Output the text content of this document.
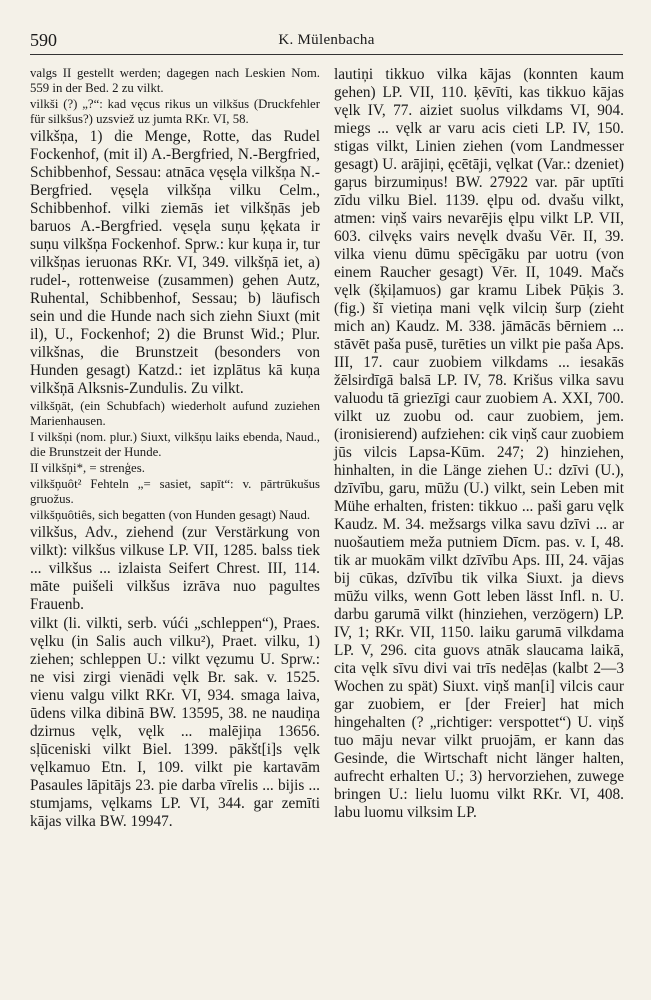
590	K. Mülenbacha

valgs II gestellt werden; dagegen nach Leskien Nom. 559 in der Bed. 2 zu vilkt.

vilkši (?) „?“: kad vęcus rikus un vilkšus (Druckfehler für silkšus?) uzsviež uz jumta RKr. VI, 58.

vilkšņa, 1) die Menge, Rotte, das Rudel Fockenhof, (mit il) A.-Bergfried, N.-Bergfried, Schibbenhof, Sessau: atnāca vęsęla vilkšņa N.-Bergfried. vęsęla vilkšņa vilku Celm., Schibbenhof. vilki ziemās iet vilkšņās jeb baruos A.-Bergfried. vęsęla suņu ķękata ir suņu vilkšņa Fockenhof. Sprw.: kur kuņa ir, tur vilkšņas ieruonas RKr. VI, 349. vilkšņā iet, a) rudel-, rottenweise (zusammen) gehen Autz, Ruhental, Schibbenhof, Sessau; b) läufisch sein und die Hunde nach sich ziehn Siuxt (mit il), U., Fockenhof; 2) die Brunst Wid.; Plur. vilkšnas, die Brunstzeit (besonders von Hunden gesagt) Katzd.: iet izplātus kā kuņa vilkšņā Alksnis-Zundulis. Zu vilkt.

vilkšņāt, (ein Schubfach) wiederholt aufund zuziehen Marienhausen.

I vilkšņi (nom. plur.) Siuxt, vilkšņu laiks ebenda, Naud., die Brunstzeit der Hunde.

II vilkšņi*, = strenģes.

vilkšņuôt² Fehteln „= sasiet, sapīt“: v. pārtrūkušus gruožus.

vilkšņuôtiês, sich begatten (von Hunden gesagt) Naud.

vilkšus, Adv., ziehend (zur Verstärkung von vilkt): vilkšus vilkuse LP. VII, 1285. balss tiek ... vilkšus ... izlaista Seifert Chrest. III, 114. māte puišeli vilkšus izrāva nuo pagultes Frauenb.

vilkt (li. vilkti, serb. vúći „schleppen“), Praes. vęlku (in Salis auch vilku²), Praet. vilku, 1) ziehen; schleppen U.: vilkt vęzumu U. Sprw.: ne visi zirgi vienādi vęlk Br. sak. v. 1525. vienu valgu vilkt RKr. VI, 934. smaga laiva, ūdens vilka dibinā BW. 13595, 38. ne naudiņa dzirnus vęlk, vęlk ... malējiņa 13656. sļūceniski vilkt Biel. 1399. pākšt[i]s vęlk vęlkamuo Etn. I, 109. vilkt pie kartavām Pasaules lāpitājs 23. pie darba vīrelis ... bijis ... stumjams, vęlkams LP. VI, 344. gar zemīti kājas vilka BW. 19947.

lautiņi tikkuo vilka kājas (konnten kaum gehen) LP. VII, 110. ķēvīti, kas tikkuo kājas vęlk IV, 77. aiziet suolus vilkdams VI, 904. miegs ... vęlk ar varu acis cieti LP. IV, 150. stigas vilkt, Linien ziehen (vom Landmesser gesagt) U. arājiņi, ęcētāji, vęlkat (Var.: dzeniet) gaŗus birzumiņus! BW. 27922 var. pār uptīti zīdu vilku Biel. 1139. ęlpu od. dvašu vilkt, atmen: viņš vairs nevarējis ęlpu vilkt LP. VII, 603. cilvęks vairs nevęlk dvašu Vēr. II, 39. vilka vienu dūmu spēcīgāku par uotru (von einem Raucher gesagt) Vēr. II, 1049. Mačs vęlk (šķiļamuos) gar kramu Libek Pūķis 3. (fig.) šī vietiņa mani vęlk vilciņ šurp (zieht mich an) Kaudz. M. 338. jāmācās bērniem ... stāvēt paša pusē, turēties un vilkt pie paša Aps. III, 17. caur zuobiem vilkdams ... iesakās žēlsirdīgā balsā LP. IV, 78. Krišus vilka savu valuodu tā griezīgi caur zuobiem A. XXI, 700. vilkt uz zuobu od. caur zuobiem, jem. (ironisierend) aufziehen: cik viņš caur zuobiem jūs vilcis Lapsa-Kūm. 247; 2) hinziehen, hinhalten, in die Länge ziehen U.: dzīvi (U.), dzīvību, garu, mūžu (U.) vilkt, sein Leben mit Mühe erhalten, fristen: tikkuo ... paši garu vęlk Kaudz. M. 34. mežsargs vilka savu dzīvi ... ar nuošautiem meža putniem Dīcm. pas. v. I, 48. tik ar muokām vilkt dzīvību Aps. III, 24. vājas bij cūkas, dzīvību tik vilka Siuxt. ja dievs mūžu vilks, wenn Gott leben lässt Infl. n. U. darbu garumā vilkt (hinziehen, verzögern) LP. IV, 1; RKr. VII, 1150. laiku garumā vilkdama LP. V, 296. cita guovs atnāk slaucama laikā, cita vęlk sīvu divi vai trīs nedēļas (kalbt 2—3 Wochen zu spät) Siuxt. viņš man[i] vilcis caur gar zuobiem, er [der Freier] hat mich hingehalten (? „richtiger: verspottet“) U. viņš tuo māju nevar vilkt pruojām, er kann das Gesinde, die Wirtschaft nicht länger halten, aufrecht erhalten U.; 3) hervorziehen, zuwege bringen U.: lielu luomu vilkt RKr. VI, 408. labu luomu vilksim LP.
